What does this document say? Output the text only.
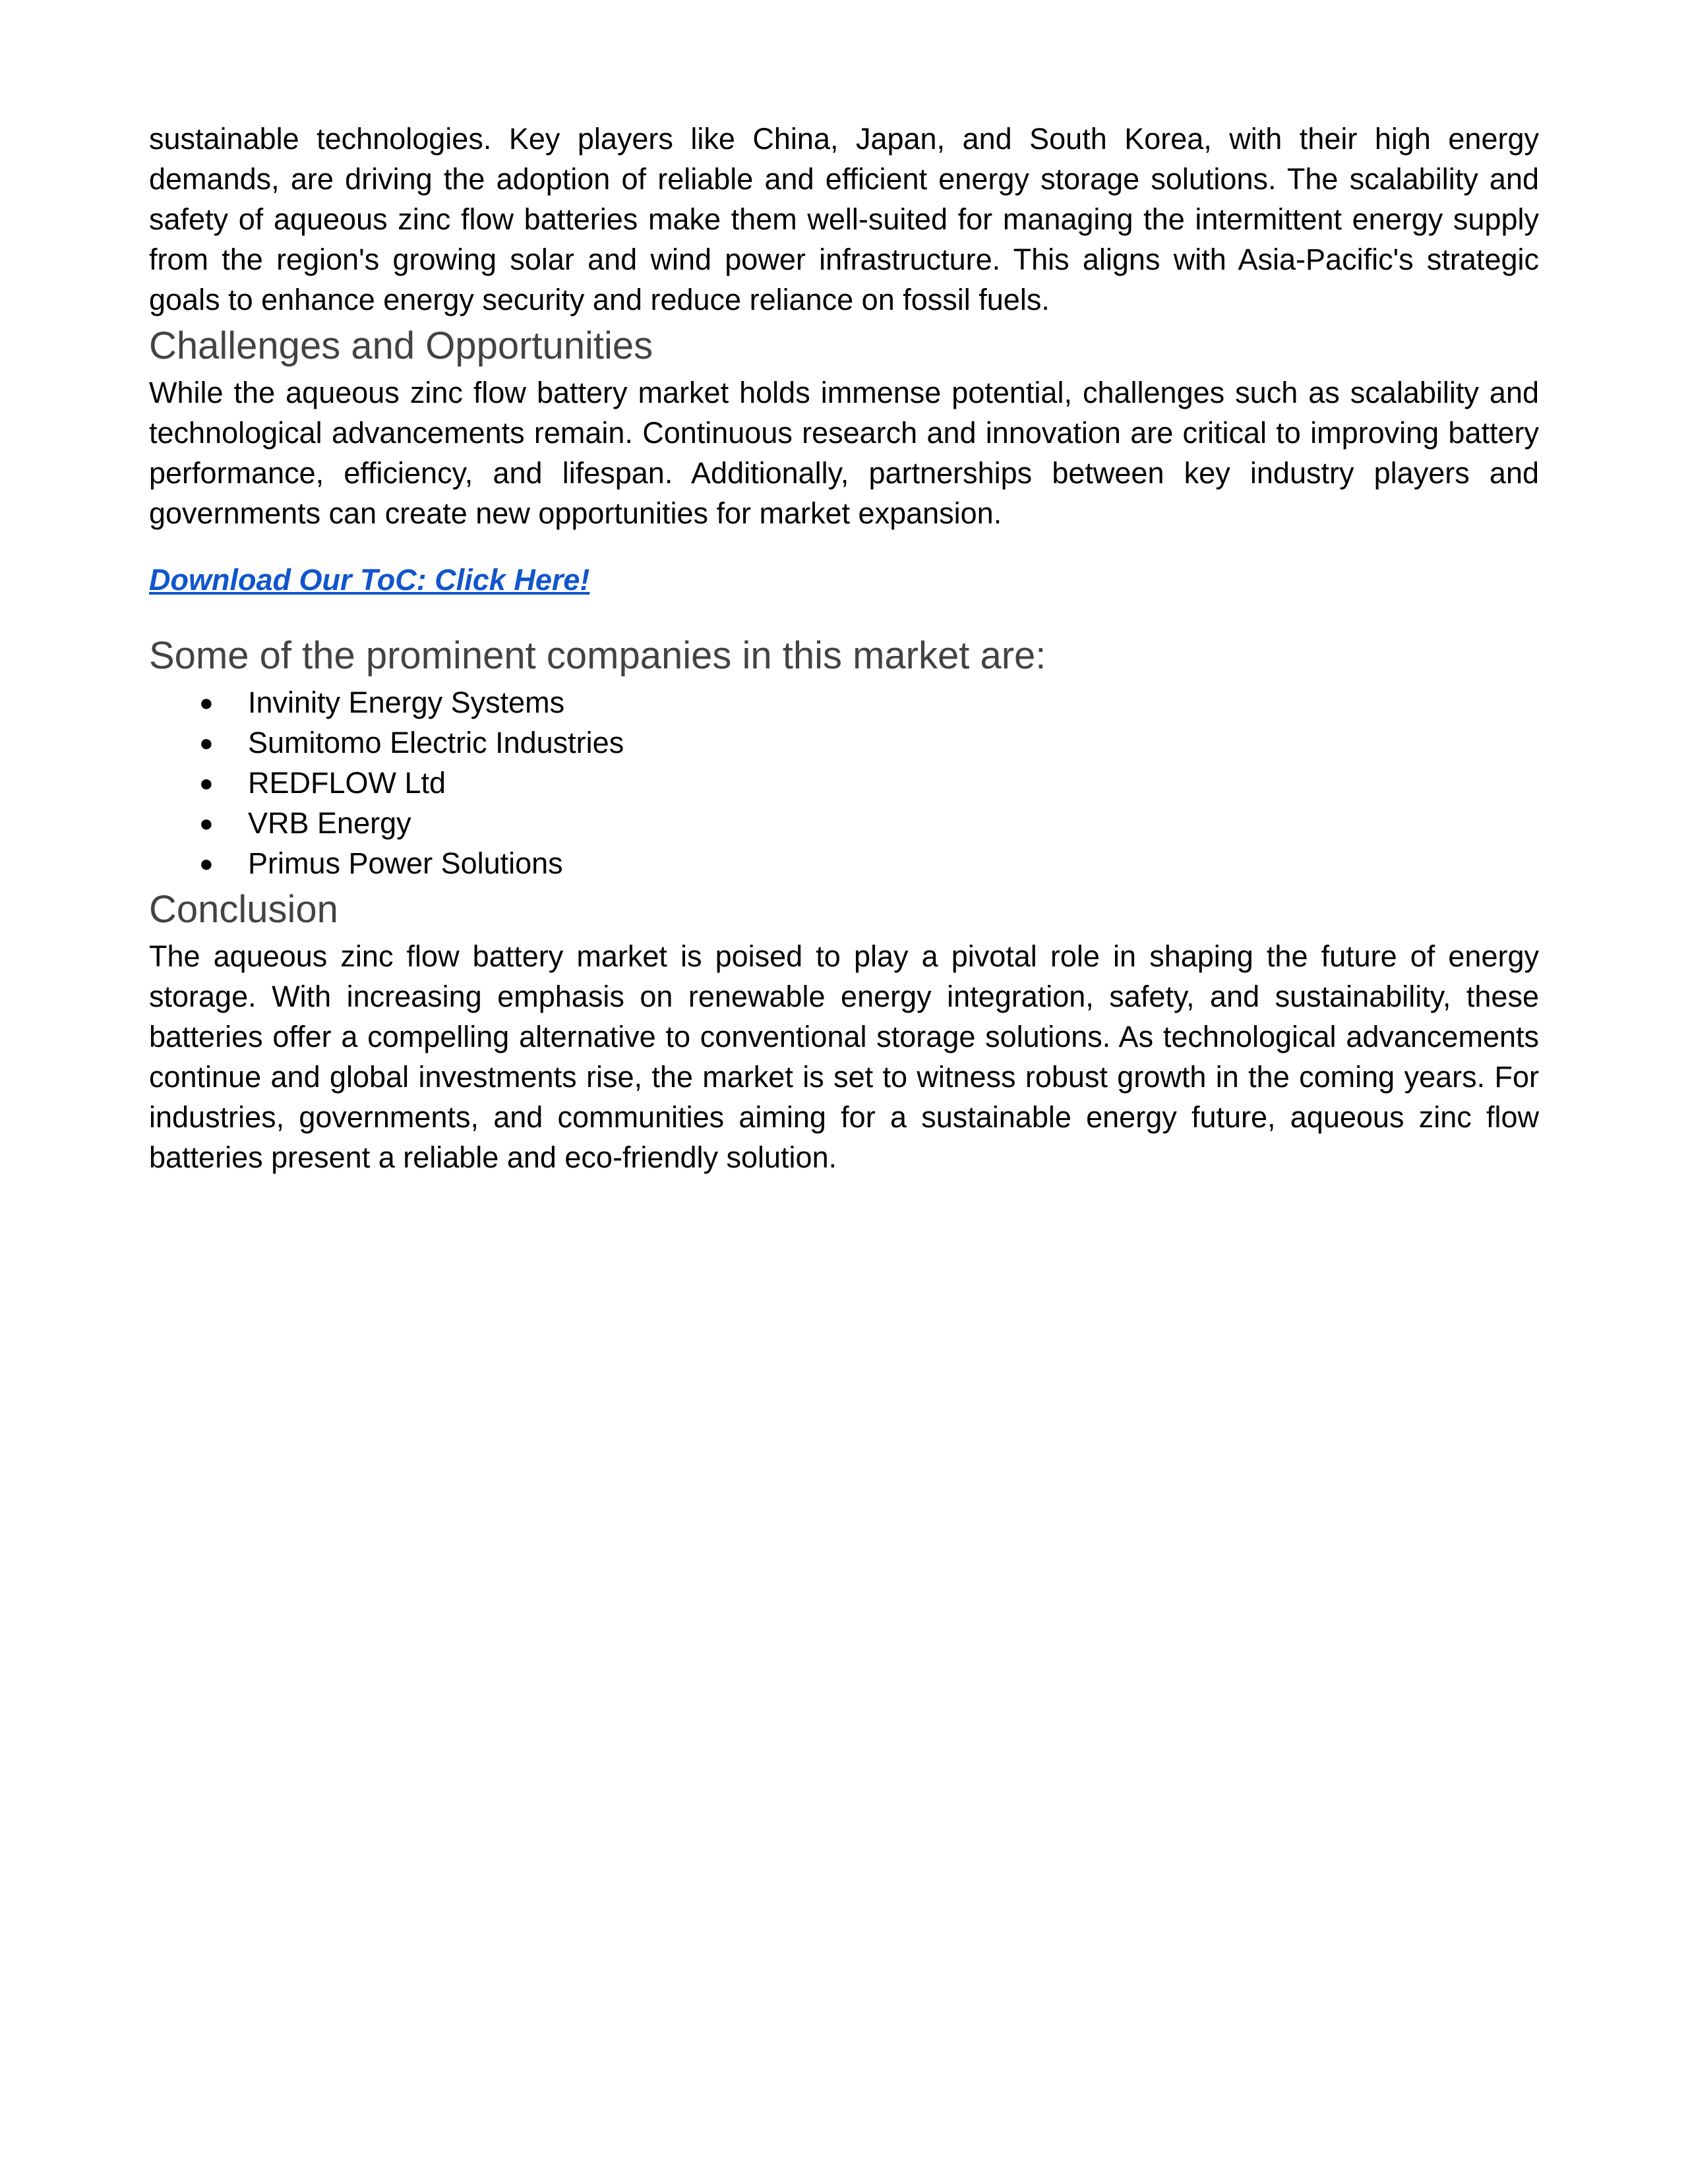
sustainable technologies. Key players like China, Japan, and South Korea, with their high energy demands, are driving the adoption of reliable and efficient energy storage solutions. The scalability and safety of aqueous zinc flow batteries make them well-suited for managing the intermittent energy supply from the region's growing solar and wind power infrastructure. This aligns with Asia-Pacific's strategic goals to enhance energy security and reduce reliance on fossil fuels.

Challenges and Opportunities

While the aqueous zinc flow battery market holds immense potential, challenges such as scalability and technological advancements remain. Continuous research and innovation are critical to improving battery performance, efficiency, and lifespan. Additionally, partnerships between key industry players and governments can create new opportunities for market expansion.

Download Our ToC: Click Here!

Some of the prominent companies in this market are:
● Invinity Energy Systems
● Sumitomo Electric Industries
● REDFLOW Ltd
● VRB Energy
● Primus Power Solutions
Conclusion

The aqueous zinc flow battery market is poised to play a pivotal role in shaping the future of energy storage. With increasing emphasis on renewable energy integration, safety, and sustainability, these batteries offer a compelling alternative to conventional storage solutions. As technological advancements continue and global investments rise, the market is set to witness robust growth in the coming years. For industries, governments, and communities aiming for a sustainable energy future, aqueous zinc flow batteries present a reliable and eco-friendly solution.
